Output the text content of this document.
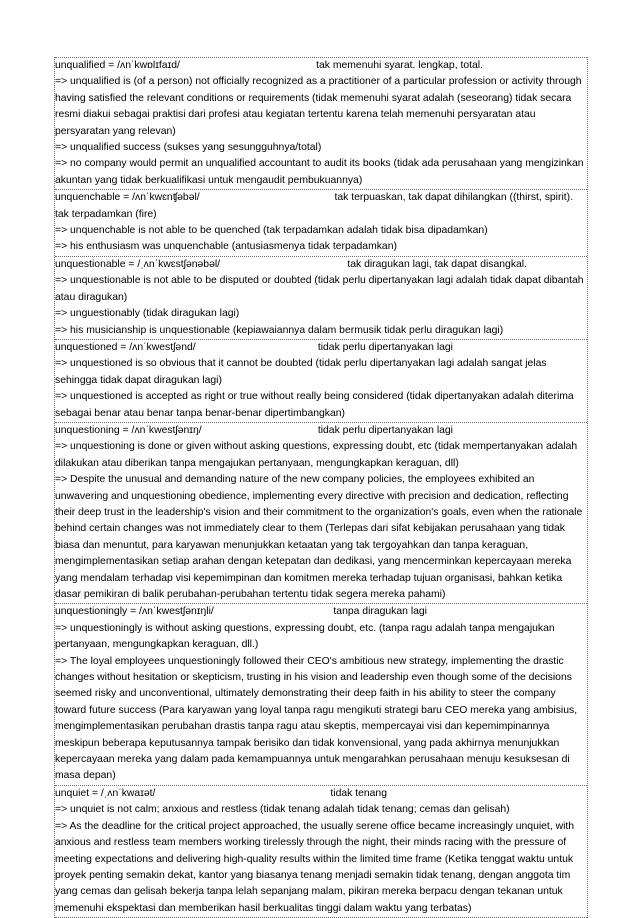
unqualified = /ʌnˈkwɒlɪfaɪd/	tak memenuhi syarat. lengkap, total.

=> unqualified is (of a person) not officially recognized as a practitioner of a particular profession or activity through having satisfied the relevant conditions or requirements (tidak memenuhi syarat adalah (seseorang) tidak secara resmi diakui sebagai praktisi dari profesi atau kegiatan tertentu karena telah memenuhi persyaratan atau persyaratan yang relevan)

=> unqualified success (sukses yang sesungguhnya/total)

=> no company would permit an unqualified accountant to audit its books (tidak ada perusahaan yang mengizinkan akuntan yang tidak berkualifikasi untuk mengaudit pembukuannya)

unquenchable = /ʌnˈkwɛnʧəbəl/	tak terpuaskan, tak dapat dihilangkan ((thirst, spirit).

tak terpadamkan (fire)

=> unquenchable is not able to be quenched (tak terpadamkan adalah tidak bisa dipadamkan)

=> his enthusiasm was unquenchable (antusiasmenya tidak terpadamkan)

unquestionable = /ˌʌnˈkwɛstʃənəbəl/	tak diragukan lagi, tak dapat disangkal.

=> unquestionable is not able to be disputed or doubted (tidak perlu dipertanyakan lagi adalah tidak dapat dibantah atau diragukan)

=> unguestionably (tidak diragukan lagi)

=> his musicianship is unquestionable (kepiawaiannya dalam bermusik tidak perlu diragukan lagi)

unquestioned = /ʌnˈkwestʃənd/	tidak perlu dipertanyakan lagi

=> unquestioned is so obvious that it cannot be doubted (tidak perlu dipertanyakan lagi adalah sangat jelas sehingga tidak dapat diragukan lagi)

=> unquestioned is accepted as right or true without really being considered (tidak dipertanyakan adalah diterima sebagai benar atau benar tanpa benar-benar dipertimbangkan)

unquestioning = /ʌnˈkwestʃənɪŋ/	tidak perlu dipertanyakan lagi

=> unquestioning is done or given without asking questions, expressing doubt, etc (tidak mempertanyakan adalah dilakukan atau diberikan tanpa mengajukan pertanyaan, mengungkapkan keraguan, dll)

=> Despite the unusual and demanding nature of the new company policies, the employees exhibited an unwavering and unquestioning obedience, implementing every directive with precision and dedication, reflecting their deep trust in the leadership's vision and their commitment to the organization's goals, even when the rationale behind certain changes was not immediately clear to them (Terlepas dari sifat kebijakan perusahaan yang tidak biasa dan menuntut, para karyawan menunjukkan ketaatan yang tak tergoyahkan dan tanpa keraguan, mengimplementasikan setiap arahan dengan ketepatan dan dedikasi, yang mencerminkan kepercayaan mereka yang mendalam terhadap visi kepemimpinan dan komitmen mereka terhadap tujuan organisasi, bahkan ketika dasar pemikiran di balik perubahan-perubahan tertentu tidak segera mereka pahami)

unquestioningly = /ʌnˈkwestʃənɪŋli/	tanpa diragukan lagi

=> unquestioningly is without asking questions, expressing doubt, etc. (tanpa ragu adalah tanpa mengajukan pertanyaan, mengungkapkan keraguan, dll.)

=> The loyal employees unquestioningly followed their CEO's ambitious new strategy, implementing the drastic changes without hesitation or skepticism, trusting in his vision and leadership even though some of the decisions seemed risky and unconventional, ultimately demonstrating their deep faith in his ability to steer the company toward future success (Para karyawan yang loyal tanpa ragu mengikuti strategi baru CEO mereka yang ambisius, mengimplementasikan perubahan drastis tanpa ragu atau skeptis, mempercayai visi dan kepemimpinannya meskipun beberapa keputusannya tampak berisiko dan tidak konvensional, yang pada akhirnya menunjukkan kepercayaan mereka yang dalam pada kemampuannya untuk mengarahkan perusahaan menuju kesuksesan di masa depan)

unquiet = /ˌʌnˈkwaɪət/	tidak tenang

=> unquiet is not calm; anxious and restless (tidak tenang adalah tidak tenang; cemas dan gelisah)

=> As the deadline for the critical project approached, the usually serene office became increasingly unquiet, with anxious and restless team members working tirelessly through the night, their minds racing with the pressure of meeting expectations and delivering high-quality results within the limited time frame (Ketika tenggat waktu untuk proyek penting semakin dekat, kantor yang biasanya tenang menjadi semakin tidak tenang, dengan anggota tim yang cemas dan gelisah bekerja tanpa lelah sepanjang malam, pikiran mereka berpacu dengan tekanan untuk memenuhi ekspektasi dan memberikan hasil berkualitas tinggi dalam waktu yang terbatas)
